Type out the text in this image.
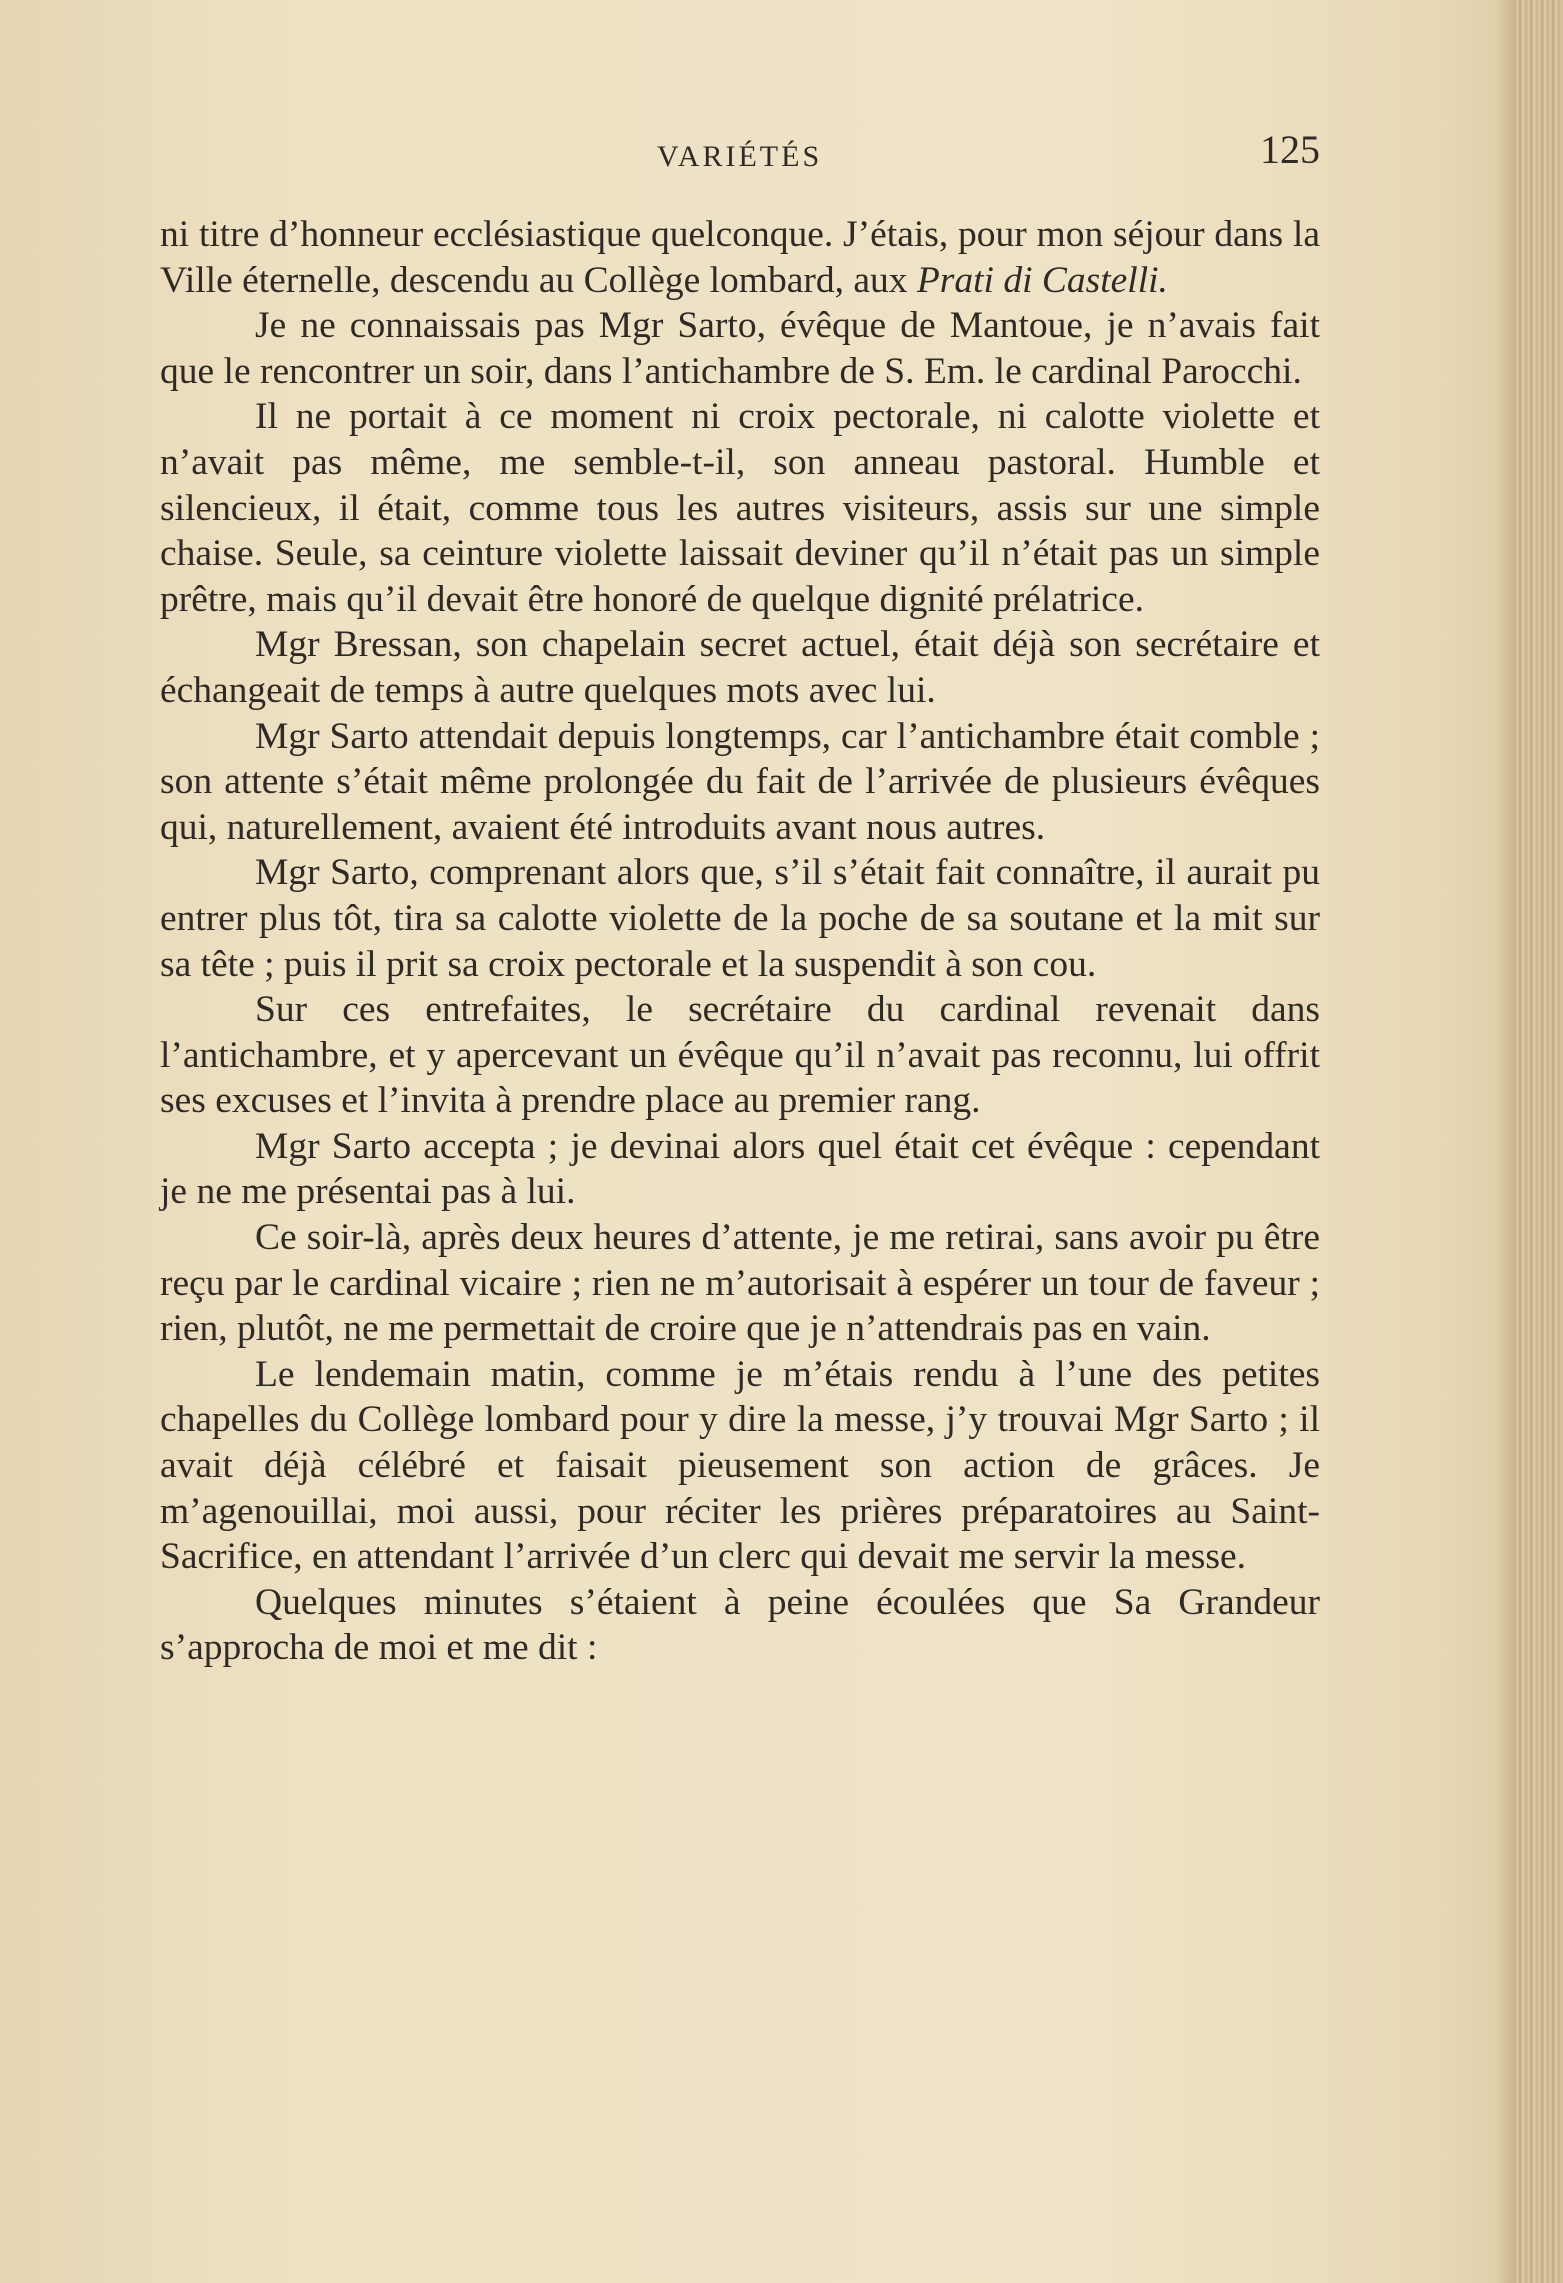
VARIÉTÉS	125

ni titre d’honneur ecclésiastique quelconque. J’étais, pour mon séjour dans la Ville éternelle, descendu au Collège lombard, aux Prati di Castelli.

Je ne connaissais pas Mgr Sarto, évêque de Mantoue, je n’avais fait que le rencontrer un soir, dans l’antichambre de S. Em. le cardinal Parocchi.

Il ne portait à ce moment ni croix pectorale, ni calotte violette et n’avait pas même, me semble-t-il, son anneau pastoral. Humble et silencieux, il était, comme tous les autres visiteurs, assis sur une simple chaise. Seule, sa ceinture violette laissait deviner qu’il n’était pas un simple prêtre, mais qu’il devait être honoré de quelque dignité prélatrice.

Mgr Bressan, son chapelain secret actuel, était déjà son secrétaire et échangeait de temps à autre quelques mots avec lui.

Mgr Sarto attendait depuis longtemps, car l’antichambre était comble ; son attente s’était même prolongée du fait de l’arrivée de plusieurs évêques qui, naturellement, avaient été introduits avant nous autres.

Mgr Sarto, comprenant alors que, s’il s’était fait connaître, il aurait pu entrer plus tôt, tira sa calotte violette de la poche de sa soutane et la mit sur sa tête ; puis il prit sa croix pectorale et la suspendit à son cou.

Sur ces entrefaites, le secrétaire du cardinal revenait dans l’antichambre, et y apercevant un évêque qu’il n’avait pas reconnu, lui offrit ses excuses et l’invita à prendre place au premier rang.

Mgr Sarto accepta ; je devinai alors quel était cet évêque : cependant je ne me présentai pas à lui.

Ce soir-là, après deux heures d’attente, je me retirai, sans avoir pu être reçu par le cardinal vicaire ; rien ne m’autorisait à espérer un tour de faveur ; rien, plutôt, ne me permettait de croire que je n’attendrais pas en vain.

Le lendemain matin, comme je m’étais rendu à l’une des petites chapelles du Collège lombard pour y dire la messe, j’y trouvai Mgr Sarto ; il avait déjà célébré et faisait pieusement son action de grâces. Je m’agenouillai, moi aussi, pour réciter les prières préparatoires au Saint-Sacrifice, en attendant l’arrivée d’un clerc qui devait me servir la messe.

Quelques minutes s’étaient à peine écoulées que Sa Grandeur s’approcha de moi et me dit :
